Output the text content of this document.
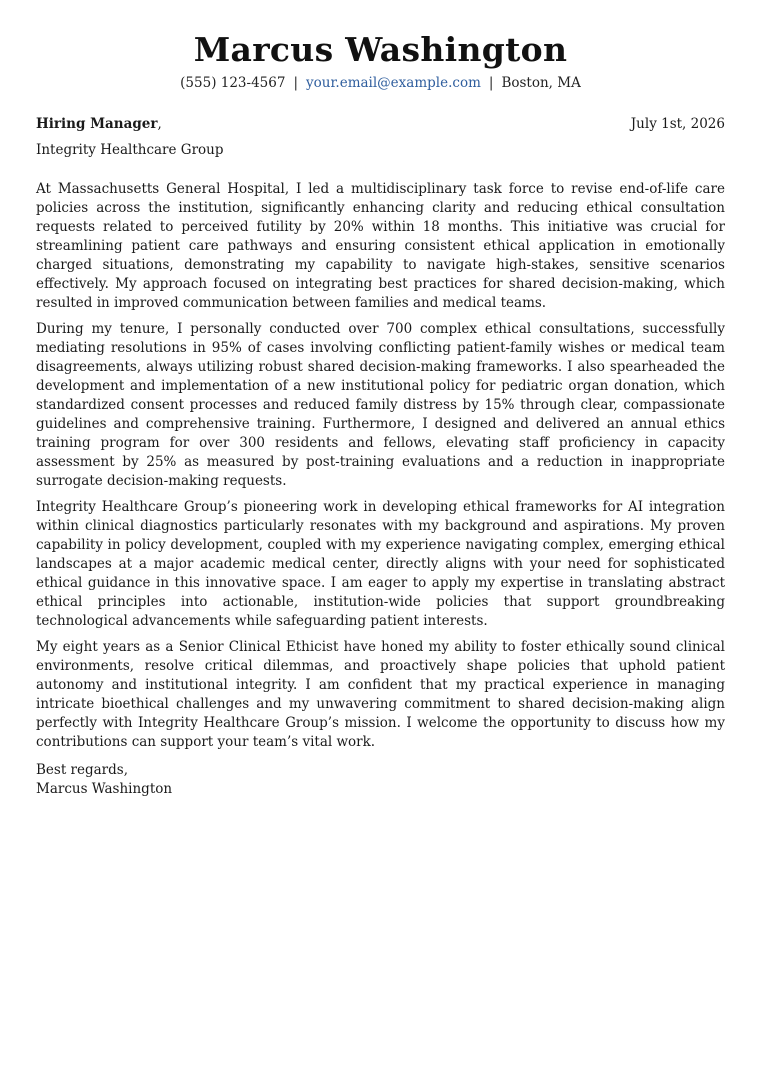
Marcus Washington
(555) 123-4567 | your.email@example.com | Boston, MA
Hiring Manager,	July 1st, 2026
Integrity Healthcare Group

At Massachusetts General Hospital, I led a multidisciplinary task force to revise end-of-life care policies across the institution, significantly enhancing clarity and reducing ethical consultation requests related to perceived futility by 20% within 18 months. This initiative was crucial for streamlining patient care pathways and ensuring consistent ethical application in emotionally charged situations, demonstrating my capability to navigate high-stakes, sensitive scenarios effectively. My approach focused on integrating best practices for shared decision-making, which resulted in improved communication between families and medical teams.

During my tenure, I personally conducted over 700 complex ethical consultations, successfully mediating resolutions in 95% of cases involving conflicting patient-family wishes or medical team disagreements, always utilizing robust shared decision-making frameworks. I also spearheaded the development and implementation of a new institutional policy for pediatric organ donation, which standardized consent processes and reduced family distress by 15% through clear, compassionate guidelines and comprehensive training. Furthermore, I designed and delivered an annual ethics training program for over 300 residents and fellows, elevating staff proficiency in capacity assessment by 25% as measured by post-training evaluations and a reduction in inappropriate surrogate decision-making requests.

Integrity Healthcare Group’s pioneering work in developing ethical frameworks for AI integration within clinical diagnostics particularly resonates with my background and aspirations. My proven capability in policy development, coupled with my experience navigating complex, emerging ethical landscapes at a major academic medical center, directly aligns with your need for sophisticated ethical guidance in this innovative space. I am eager to apply my expertise in translating abstract ethical principles into actionable, institution-wide policies that support groundbreaking technological advancements while safeguarding patient interests.

My eight years as a Senior Clinical Ethicist have honed my ability to foster ethically sound clinical environments, resolve critical dilemmas, and proactively shape policies that uphold patient autonomy and institutional integrity. I am confident that my practical experience in managing intricate bioethical challenges and my unwavering commitment to shared decision-making align perfectly with Integrity Healthcare Group’s mission. I welcome the opportunity to discuss how my contributions can support your team’s vital work.

Best regards,
Marcus Washington
